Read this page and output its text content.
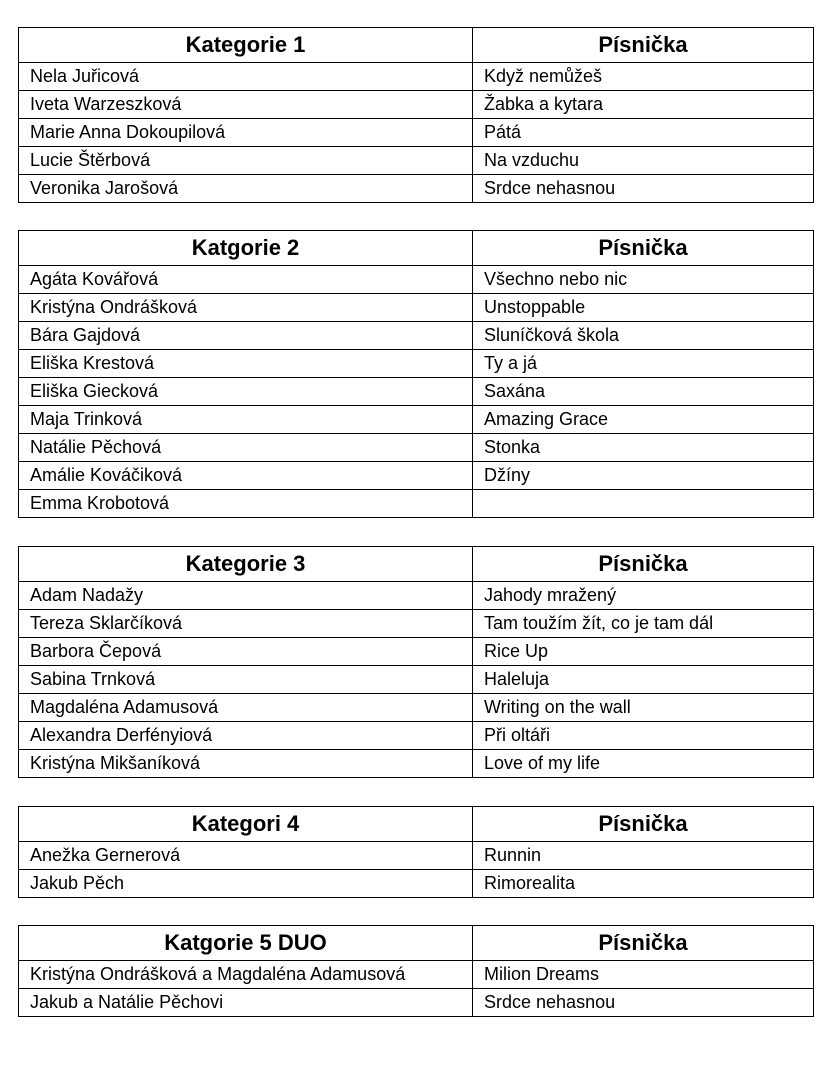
Kategorie 1	Písnička
Nela Juřicová	Když nemůžeš
Iveta Warzeszková	Žabka a kytara
Marie Anna Dokoupilová	Pátá
Lucie Štěrbová	Na vzduchu
Veronika Jarošová	Srdce nehasnou
Katgorie 2	Písnička
Agáta Kovářová	Všechno nebo nic
Kristýna Ondrášková	Unstoppable
Bára Gajdová	Sluníčková škola
Eliška Krestová	Ty a já
Eliška Giecková	Saxána
Maja Trinková	Amazing Grace
Natálie Pěchová	Stonka
Amálie Kováčiková	Džíny
Emma Krobotová	
Kategorie 3	Písnička
Adam Nadažy	Jahody mražený
Tereza Sklarčíková	Tam toužím žít, co je tam dál
Barbora Čepová	Rice Up
Sabina Trnková	Haleluja
Magdaléna Adamusová	Writing on the wall
Alexandra Derfényiová	Při oltáři
Kristýna Mikšaníková	Love of my life
Kategori 4	Písnička
Anežka Gernerová	Runnin
Jakub Pěch	Rimorealita
Katgorie 5 DUO	Písnička
Kristýna Ondrášková a Magdaléna Adamusová	Milion Dreams
Jakub a Natálie Pěchovi	Srdce nehasnou
